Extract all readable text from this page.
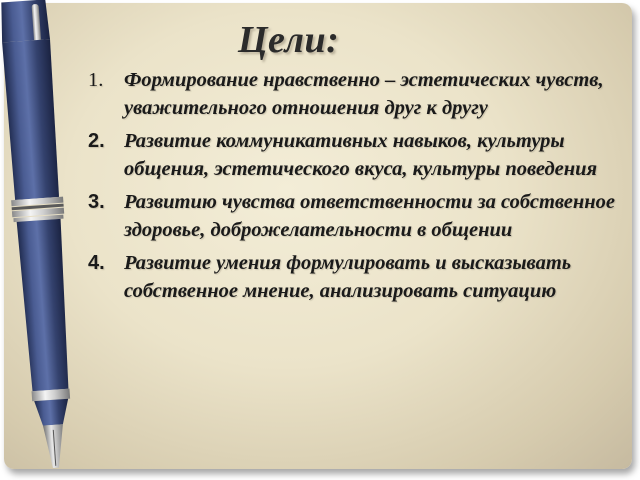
Цели:
1. Формирование нравственно – эстетических чувств, уважительного отношения друг к другу
2. Развитие коммуникативных навыков, культуры общения, эстетического вкуса, культуры поведения
3. Развитию чувства ответственности за собственное здоровье, доброжелательности в общении
4. Развитие умения формулировать и высказывать собственное мнение, анализировать ситуацию
